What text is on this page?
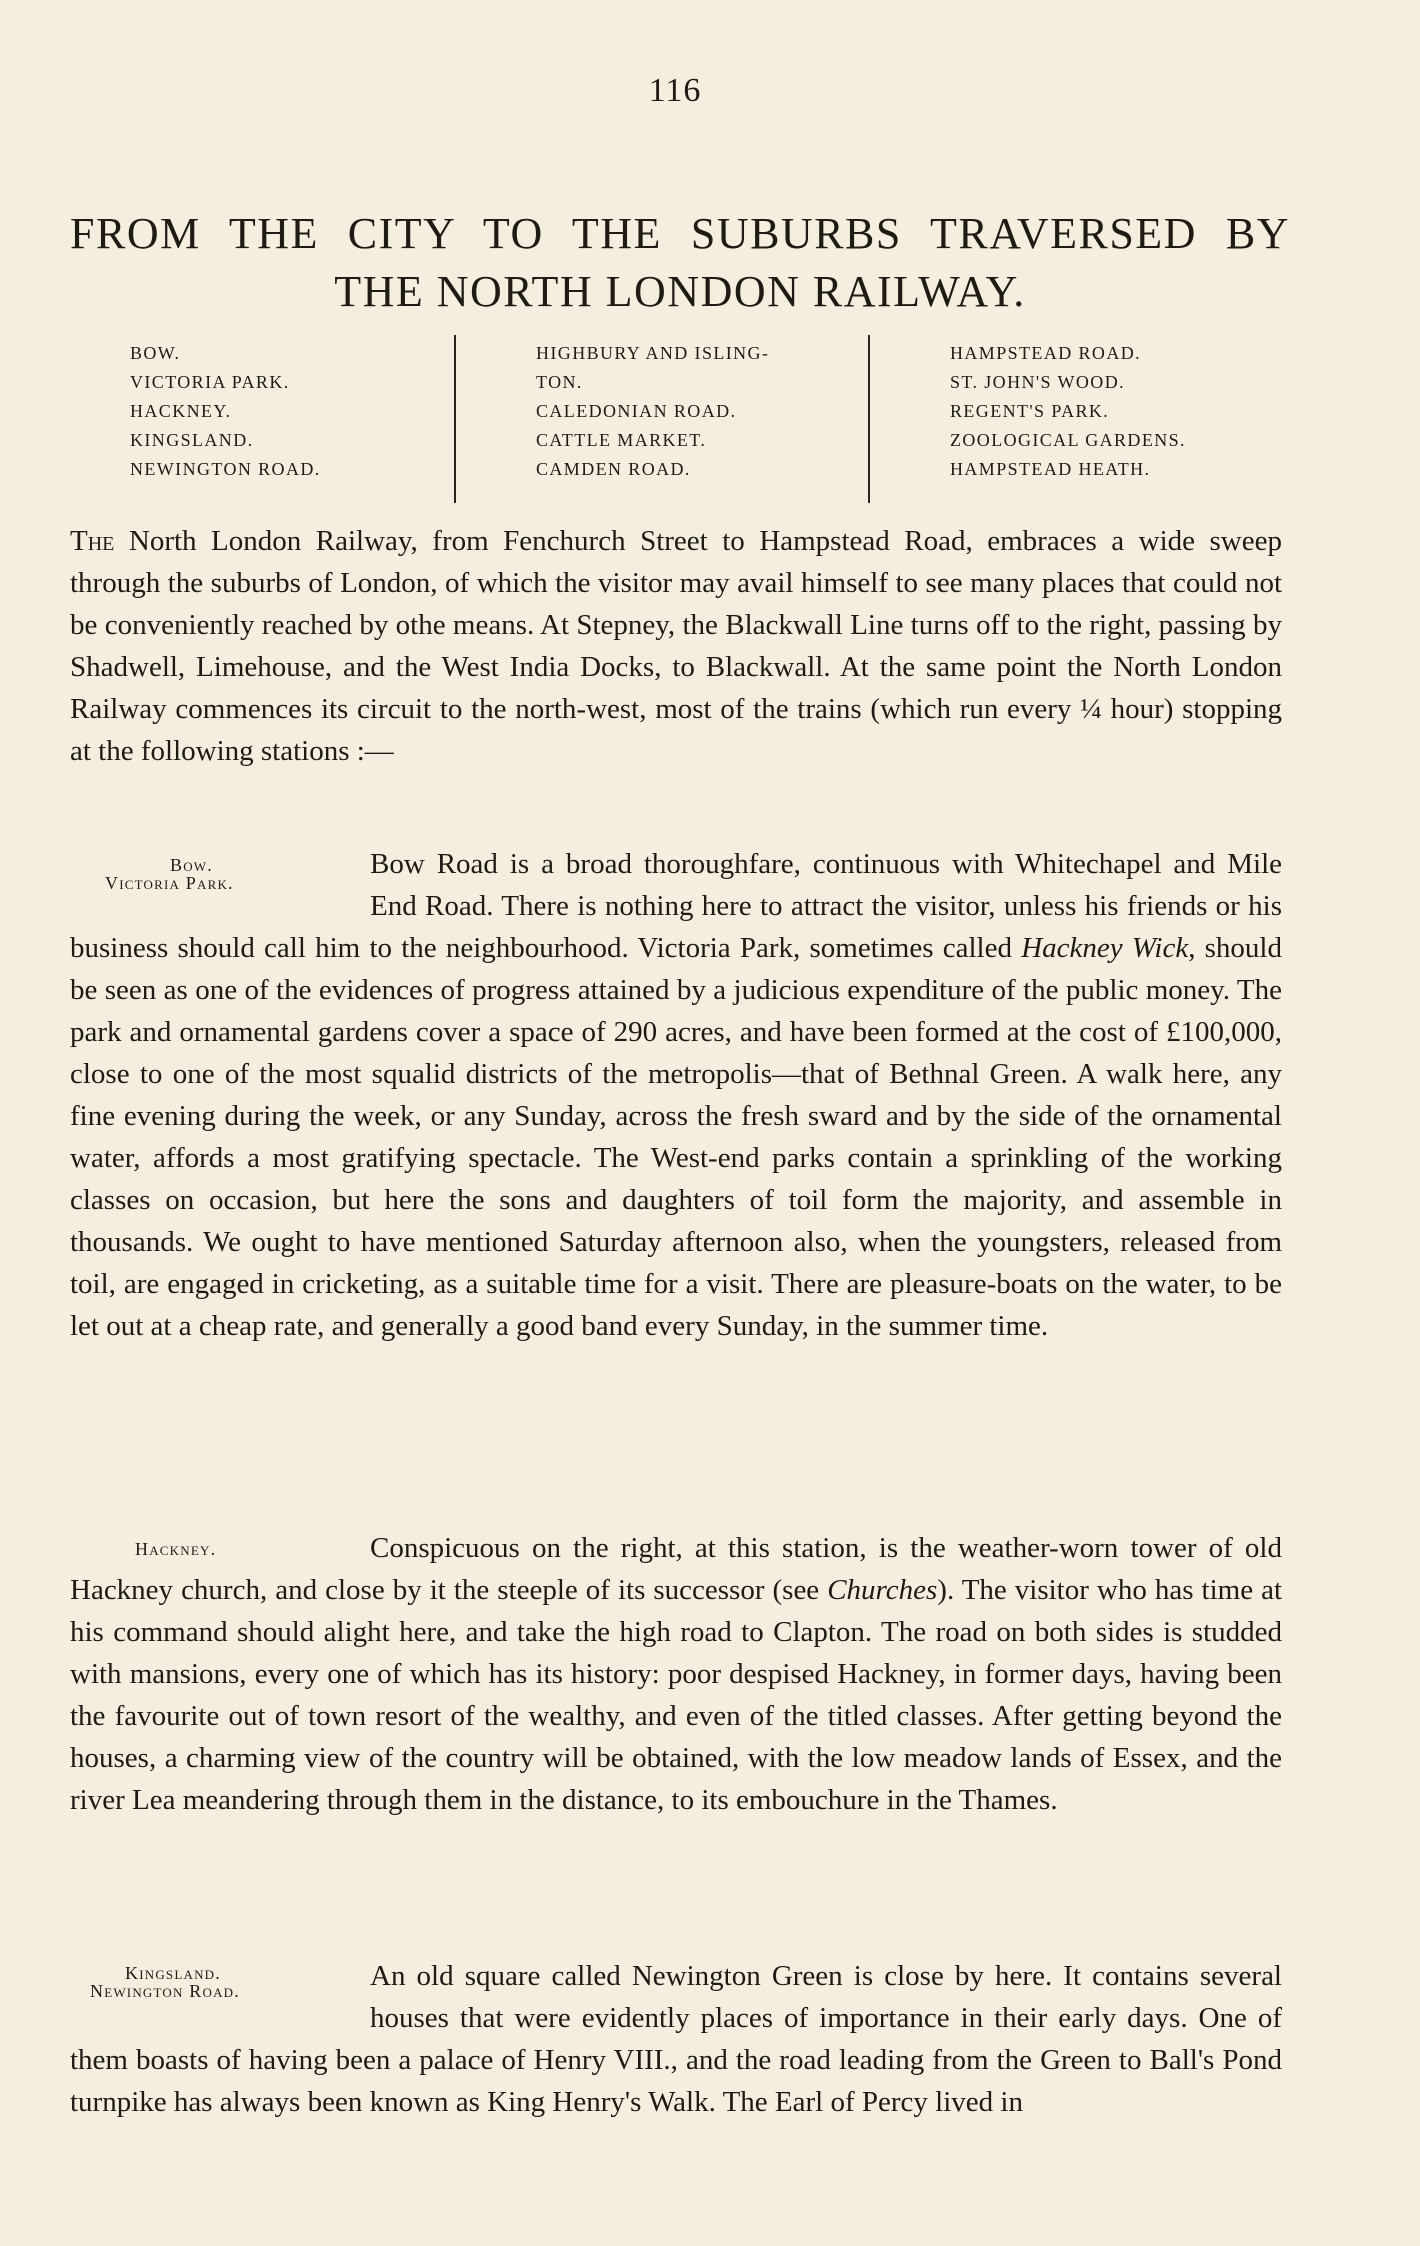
116
FROM THE CITY TO THE SUBURBS TRAVERSED BY
THE NORTH LONDON RAILWAY.
BOW.
VICTORIA PARK.
HACKNEY.
KINGSLAND.
NEWINGTON ROAD.
HIGHBURY AND ISLING-
TON.
CALEDONIAN ROAD.
CATTLE MARKET.
CAMDEN ROAD.
HAMPSTEAD ROAD.
ST. JOHN'S WOOD.
REGENT'S PARK.
ZOOLOGICAL GARDENS.
HAMPSTEAD HEATH.

The North London Railway, from Fenchurch Street to Hampstead Road, embraces a wide sweep through the suburbs of London, of which the visitor may avail himself to see many places that could not be conveniently reached by othe means. At Stepney, the Blackwall Line turns off to the right, passing by Shadwell, Limehouse, and the West India Docks, to Blackwall. At the same point the North London Railway commences its circuit to the north-west, most of the trains (which run every ¼ hour) stopping at the following stations :—

Bow.
Victoria Park.
Bow Road is a broad thoroughfare, continuous with Whitechapel and Mile End Road. There is nothing here to attract the visitor, unless his friends or his business should call him to the neighbourhood. Victoria Park, sometimes called Hackney Wick, should be seen as one of the evidences of progress attained by a judicious expenditure of the public money. The park and ornamental gardens cover a space of 290 acres, and have been formed at the cost of £100,000, close to one of the most squalid districts of the metropolis—that of Bethnal Green. A walk here, any fine evening during the week, or any Sunday, across the fresh sward and by the side of the ornamental water, affords a most gratifying spectacle. The West-end parks contain a sprinkling of the working classes on occasion, but here the sons and daughters of toil form the majority, and assemble in thousands. We ought to have mentioned Saturday afternoon also, when the youngsters, released from toil, are engaged in cricketing, as a suitable time for a visit. There are pleasure-boats on the water, to be let out at a cheap rate, and generally a good band every Sunday, in the summer time.

Hackney.	Conspicuous on the right, at this station, is the weather-worn tower of old Hackney church, and close by it the steeple of its successor (see Churches). The visitor who has time at his command should alight here, and take the high road to Clapton. The road on both sides is studded with mansions, every one of which has its history: poor despised Hackney, in former days, having been the favourite out of town resort of the wealthy, and even of the titled classes. After getting beyond the houses, a charming view of the country will be obtained, with the low meadow lands of Essex, and the river Lea meandering through them in the distance, to its embouchure in the Thames.

Kingsland.
Newington Road.	An old square called Newington Green is close by here. It contains several houses that were evidently places of importance in their early days. One of them boasts of having been a palace of Henry VIII., and the road leading from the Green to Ball's Pond turnpike has always been known as King Henry's Walk. The Earl of Percy lived in
